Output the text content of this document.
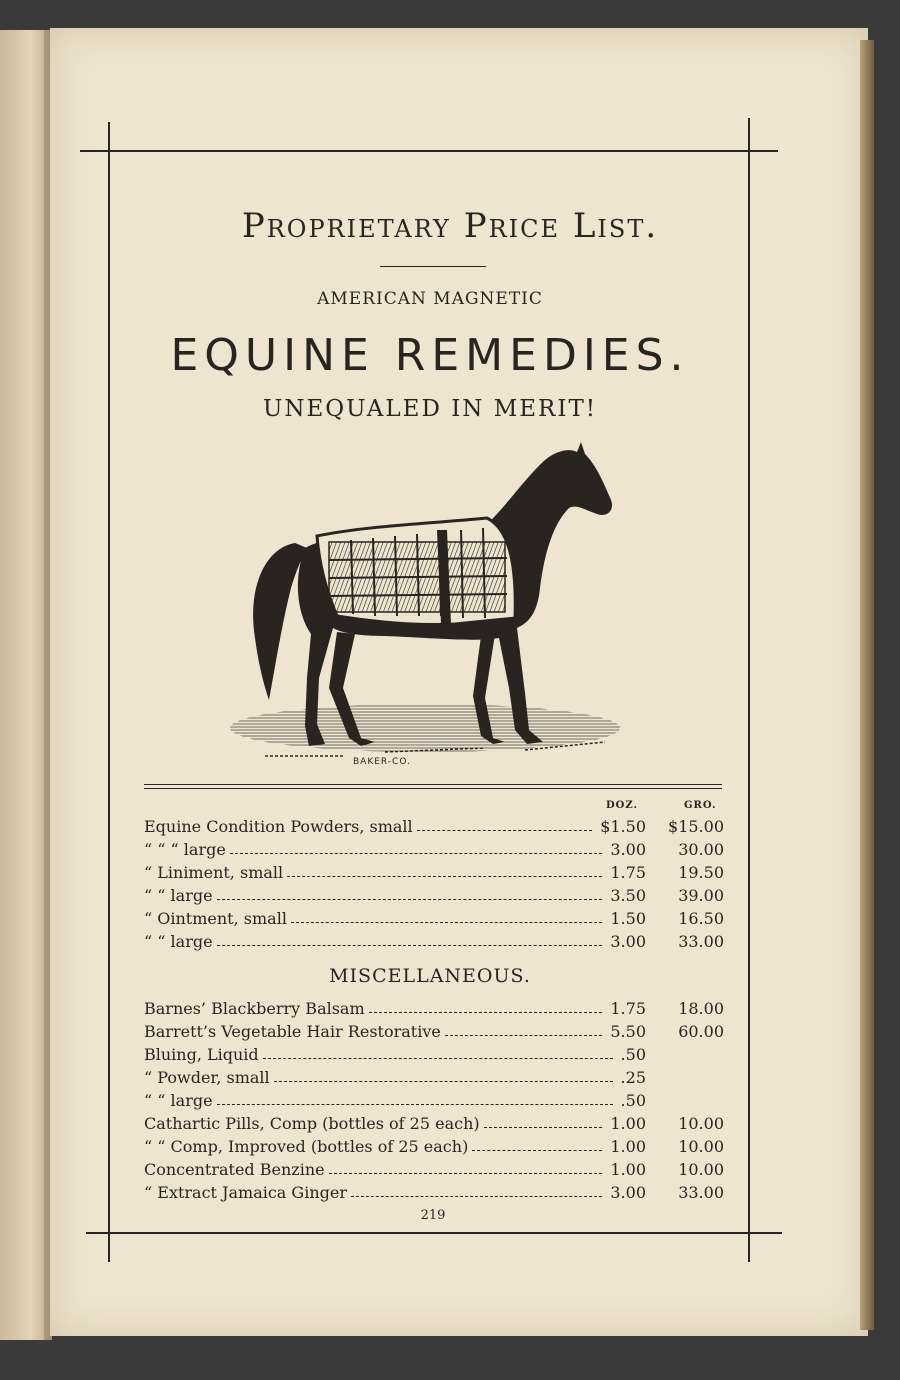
Proprietary Price List.
AMERICAN MAGNETIC
EQUINE REMEDIES.
UNEQUALED IN MERIT!
BAKER-CO.
DOZ.	GRO.
Equine Condition Powders, small	$1.50 $15.00
“ “ “ large	3.00 30.00
“ Liniment, small	1.75 19.50
“ “ large	3.50 39.00
“ Ointment, small	1.50 16.50
“ “ large	3.00 33.00
MISCELLANEOUS.
Barnes’ Blackberry Balsam	1.75 18.00
Barrett’s Vegetable Hair Restorative	5.50 60.00
Bluing, Liquid	.50
“ Powder, small	.25
“ “ large	.50
Cathartic Pills, Comp (bottles of 25 each)	1.00 10.00
“ “ Comp, Improved (bottles of 25 each)	1.00 10.00
Concentrated Benzine	1.00 10.00
“ Extract Jamaica Ginger	3.00 33.00
219
